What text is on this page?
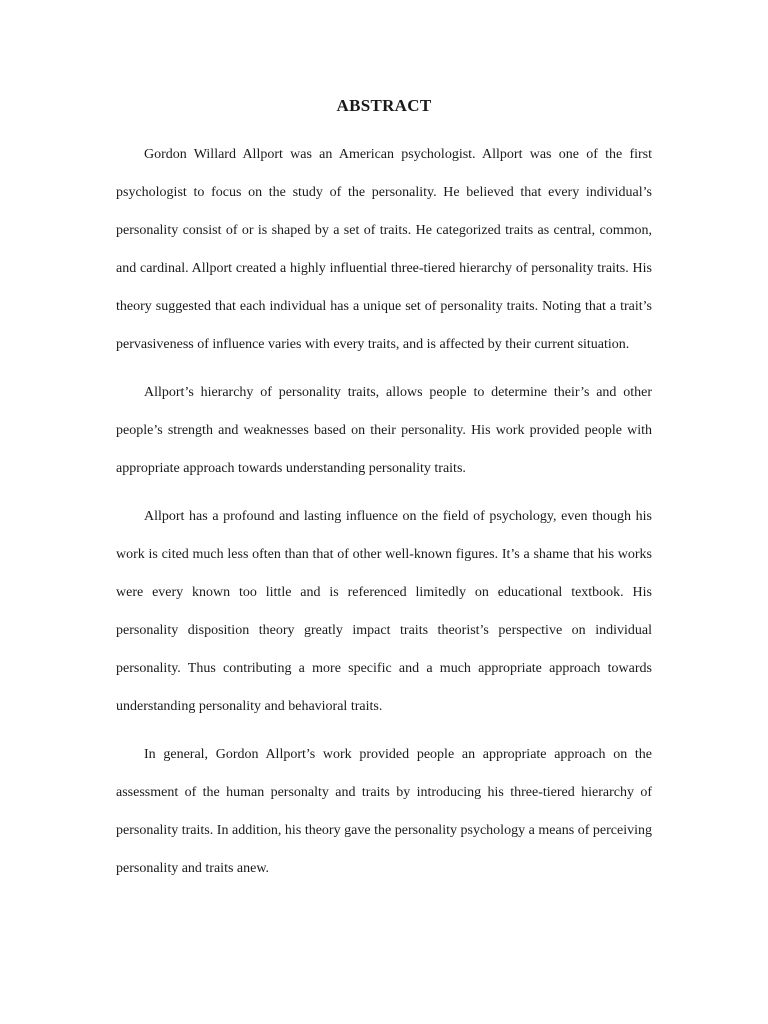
ABSTRACT

Gordon Willard Allport was an American psychologist. Allport was one of the first psychologist to focus on the study of the personality. He believed that every individual’s personality consist of or is shaped by a set of traits. He categorized traits as central, common, and cardinal. Allport created a highly influential three-tiered hierarchy of personality traits. His theory suggested that each individual has a unique set of personality traits. Noting that a trait’s pervasiveness of influence varies with every traits, and is affected by their current situation.

Allport’s hierarchy of personality traits, allows people to determine their’s and other people’s strength and weaknesses based on their personality. His work provided people with appropriate approach towards understanding personality traits.

Allport has a profound and lasting influence on the field of psychology, even though his work is cited much less often than that of other well-known figures. It’s a shame that his works were every known too little and is referenced limitedly on educational textbook. His personality disposition theory greatly impact traits theorist’s perspective on individual personality. Thus contributing a more specific and a much appropriate approach towards understanding personality and behavioral traits.

In general, Gordon Allport’s work provided people an appropriate approach on the assessment of the human personalty and traits by introducing his three-tiered hierarchy of personality traits. In addition, his theory gave the personality psychology a means of perceiving personality and traits anew.
